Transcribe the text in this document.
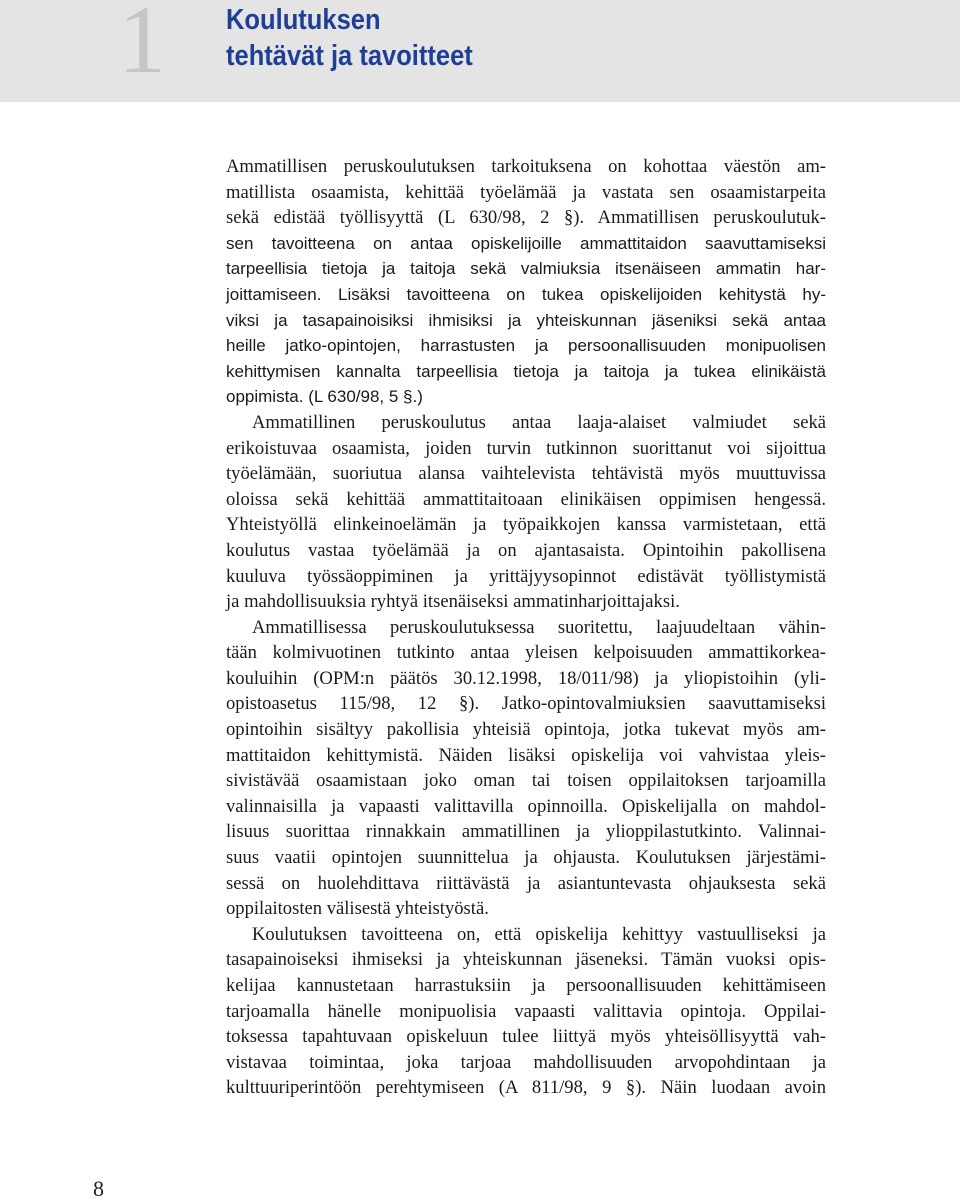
1 Koulutuksen
tehtävät ja tavoitteet

Ammatillisen peruskoulutuksen tarkoituksena on kohottaa väestön am-
matillista osaamista, kehittää työelämää ja vastata sen osaamistarpeita
sekä edistää työllisyyttä (L 630/98, 2 §). Ammatillisen peruskoulutuk-
sen tavoitteena on antaa opiskelijoille ammattitaidon saavuttamiseksi
tarpeellisia tietoja ja taitoja sekä valmiuksia itsenäiseen ammatin har-
joittamiseen. Lisäksi tavoitteena on tukea opiskelijoiden kehitystä hy-
viksi ja tasapainoisiksi ihmisiksi ja yhteiskunnan jäseniksi sekä antaa
heille jatko-opintojen, harrastusten ja persoonallisuuden monipuolisen
kehittymisen kannalta tarpeellisia tietoja ja taitoja ja tukea elinikäistä
oppimista. (L 630/98, 5 §.)

Ammatillinen peruskoulutus antaa laaja-alaiset valmiudet sekä
erikoistuvaa osaamista, joiden turvin tutkinnon suorittanut voi sijoittua
työelämään, suoriutua alansa vaihtelevista tehtävistä myös muuttuvissa
oloissa sekä kehittää ammattitaitoaan elinikäisen oppimisen hengessä.
Yhteistyöllä elinkeinoelämän ja työpaikkojen kanssa varmistetaan, että
koulutus vastaa työelämää ja on ajantasaista. Opintoihin pakollisena
kuuluva työssäoppiminen ja yrittäjyysopinnot edistävät työllistymistä
ja mahdollisuuksia ryhtyä itsenäiseksi ammatinharjoittajaksi.

Ammatillisessa peruskoulutuksessa suoritettu, laajuudeltaan vähin-
tään kolmivuotinen tutkinto antaa yleisen kelpoisuuden ammattikorkea-
kouluihin (OPM:n päätös 30.12.1998, 18/011/98) ja yliopistoihin (yli-
opistoasetus 115/98, 12 §). Jatko-opintovalmiuksien saavuttamiseksi
opintoihin sisältyy pakollisia yhteisiä opintoja, jotka tukevat myös am-
mattitaidon kehittymistä. Näiden lisäksi opiskelija voi vahvistaa yleis-
sivistävää osaamistaan joko oman tai toisen oppilaitoksen tarjoamilla
valinnaisilla ja vapaasti valittavilla opinnoilla. Opiskelijalla on mahdol-
lisuus suorittaa rinnakkain ammatillinen ja ylioppilastutkinto. Valinnai-
suus vaatii opintojen suunnittelua ja ohjausta. Koulutuksen järjestämi-
sessä on huolehdittava riittävästä ja asiantuntevasta ohjauksesta sekä
oppilaitosten välisestä yhteistyöstä.

Koulutuksen tavoitteena on, että opiskelija kehittyy vastuulliseksi ja
tasapainoiseksi ihmiseksi ja yhteiskunnan jäseneksi. Tämän vuoksi opis-
kelijaa kannustetaan harrastuksiin ja persoonallisuuden kehittämiseen
tarjoamalla hänelle monipuolisia vapaasti valittavia opintoja. Oppilai-
toksessa tapahtuvaan opiskeluun tulee liittyä myös yhteisöllisyyttä vah-
vistavaa toimintaa, joka tarjoaa mahdollisuuden arvopohdintaan ja
kulttuuriperintöön perehtymiseen (A 811/98, 9 §). Näin luodaan avoin

8
